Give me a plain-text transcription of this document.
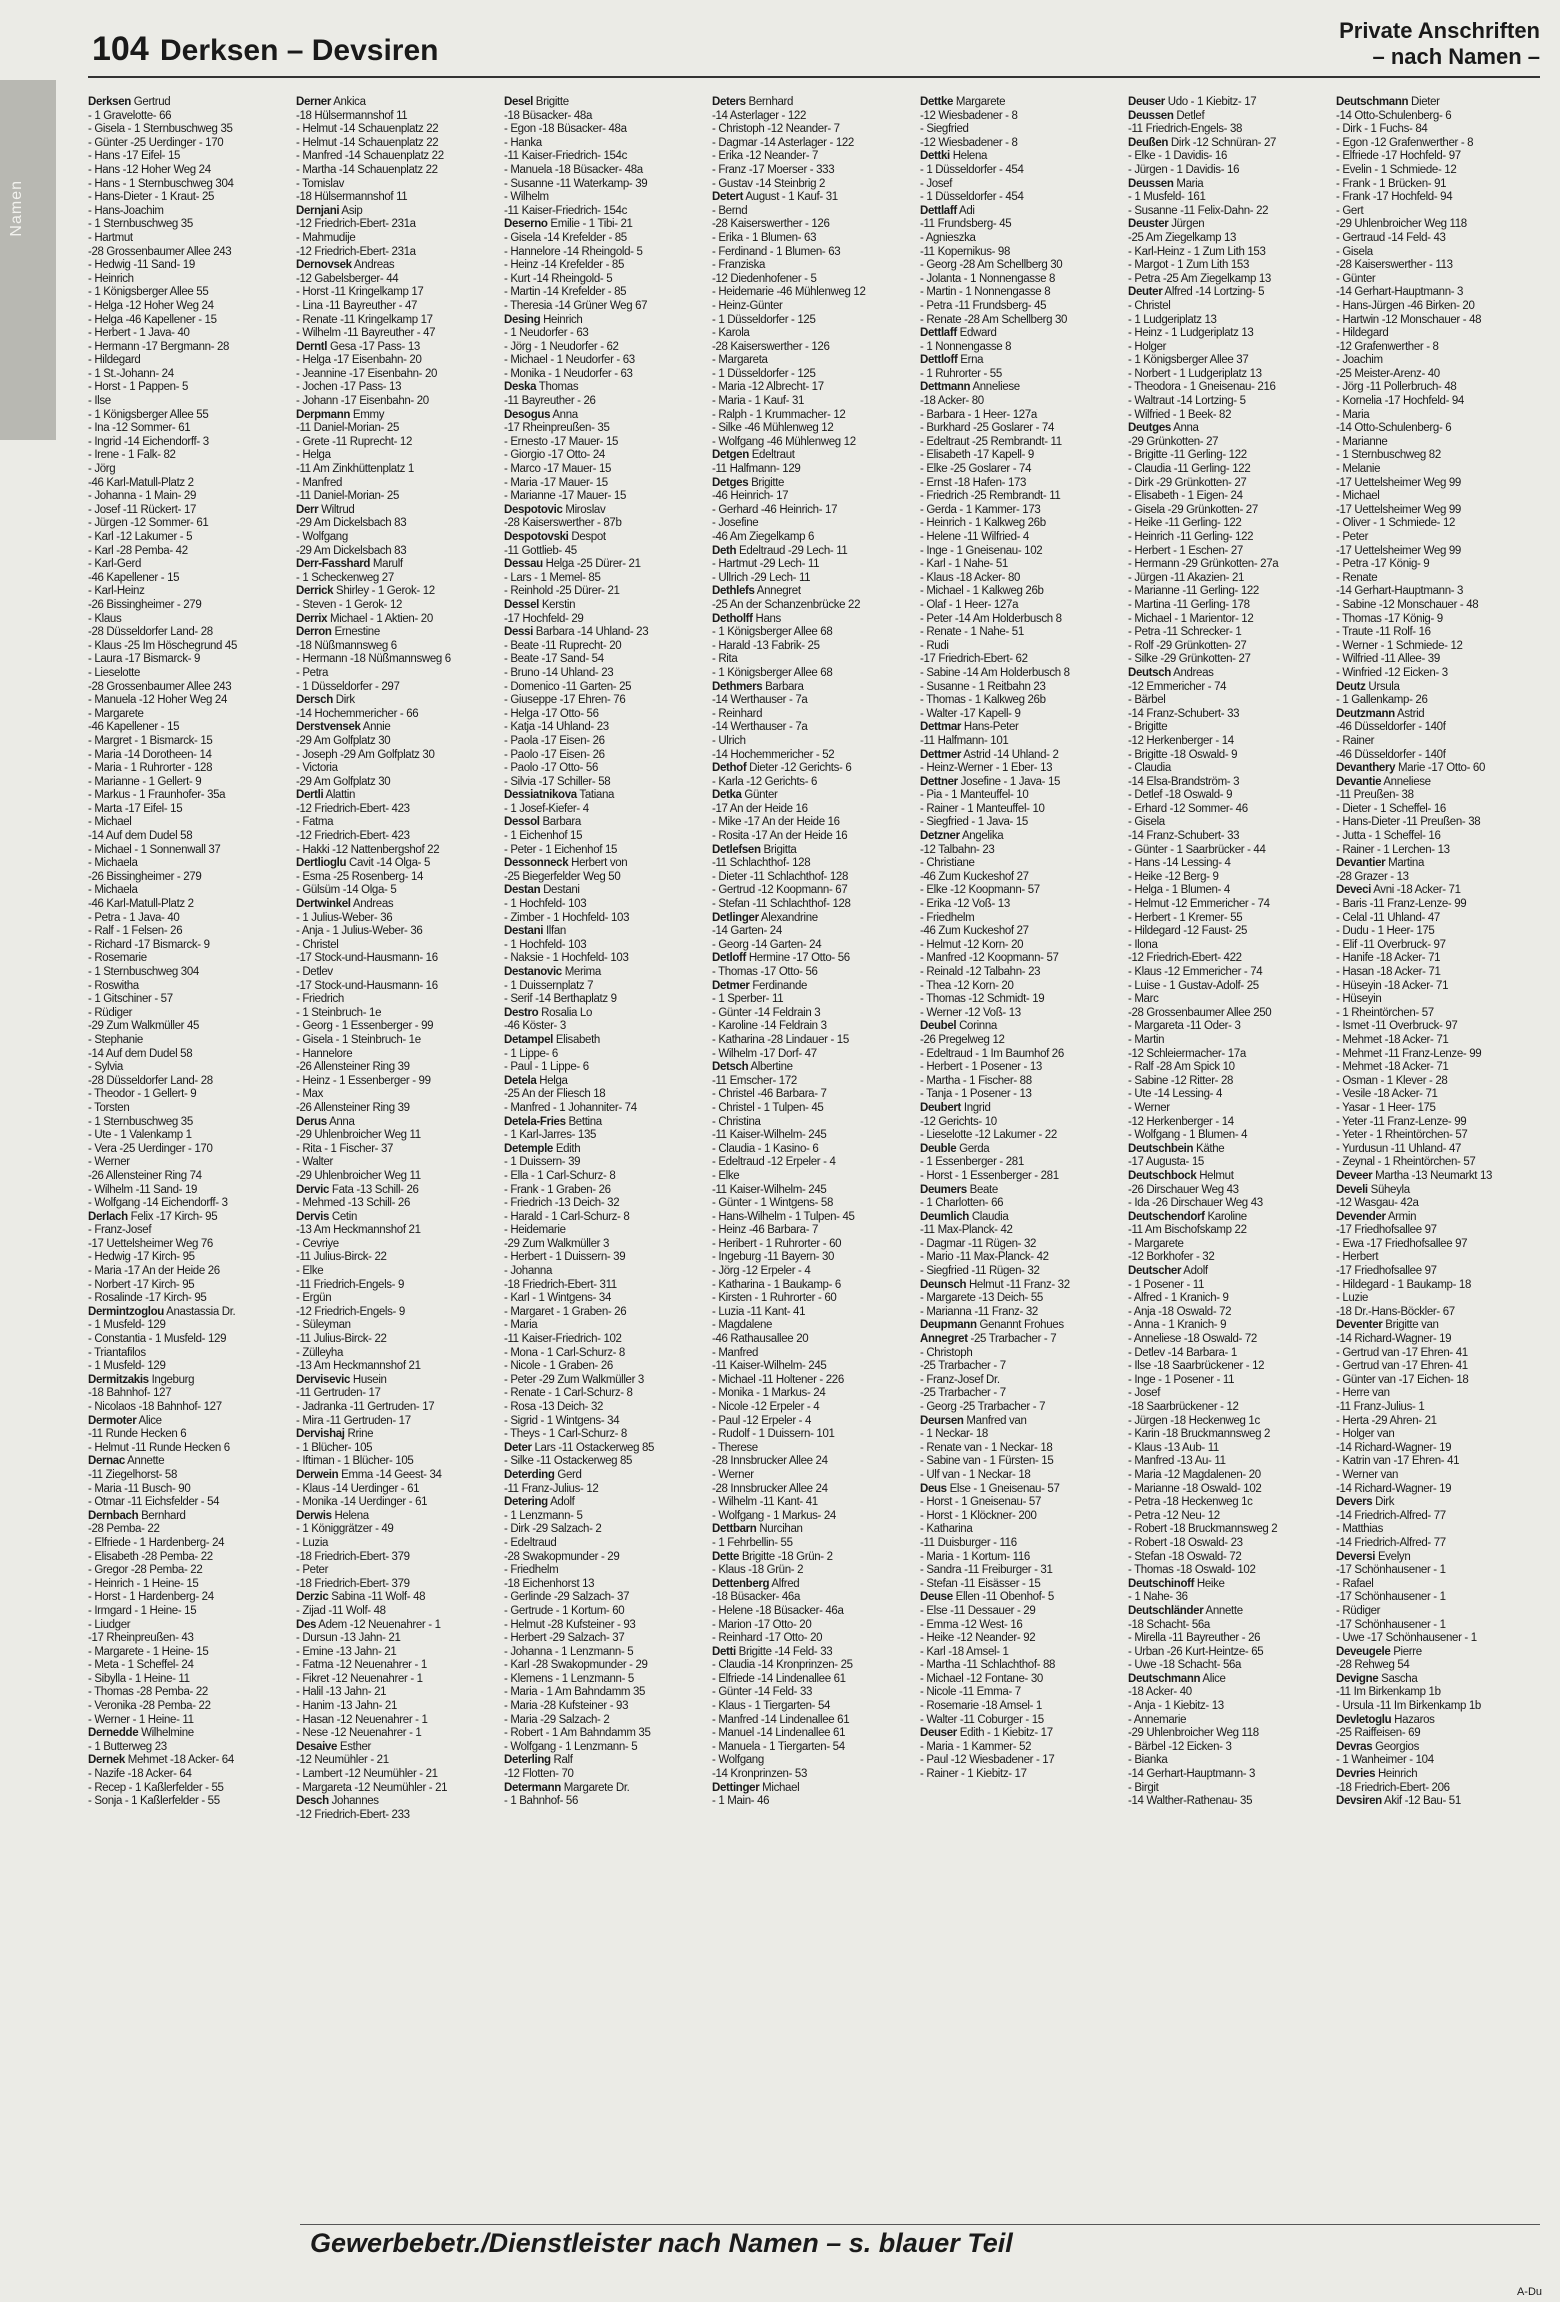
104 Derksen – Devsiren
Private Anschriften
– nach Namen –
Namen
Derksen Gertrud
- 1 Gravelotte- 66
- Gisela - 1 Sternbuschweg 35
- Günter -25 Uerdinger - 170
- Hans -17 Eifel- 15
- Hans -12 Hoher Weg 24
- Hans - 1 Sternbuschweg 304
- Hans-Dieter - 1 Kraut- 25
- Hans-Joachim
- 1 Sternbuschweg 35
- Hartmut
-28 Grossenbaumer Allee 243
- Hedwig -11 Sand- 19
- Heinrich
- 1 Königsberger Allee 55
- Helga -12 Hoher Weg 24
- Helga -46 Kapellener - 15
- Herbert - 1 Java- 40
- Hermann -17 Bergmann- 28
- Hildegard
- 1 St.-Johann- 24
- Horst - 1 Pappen- 5
- Ilse
- 1 Königsberger Allee 55
- Ina -12 Sommer- 61
- Ingrid -14 Eichendorff- 3
- Irene - 1 Falk- 82
- Jörg
-46 Karl-Matull-Platz 2
- Johanna - 1 Main- 29
- Josef -11 Rückert- 17
- Jürgen -12 Sommer- 61
- Karl -12 Lakumer - 5
- Karl -28 Pemba- 42
- Karl-Gerd
-46 Kapellener - 15
- Karl-Heinz
-26 Bissingheimer - 279
- Klaus
-28 Düsseldorfer Land- 28
- Klaus -25 Im Höschegrund 45
- Laura -17 Bismarck- 9
- Lieselotte
-28 Grossenbaumer Allee 243
- Manuela -12 Hoher Weg 24
- Margarete
-46 Kapellener - 15
- Margret - 1 Bismarck- 15
- Maria -14 Dorotheen- 14
- Maria - 1 Ruhrorter - 128
- Marianne - 1 Gellert- 9
- Markus - 1 Fraunhofer- 35a
- Marta -17 Eifel- 15
- Michael
-14 Auf dem Dudel 58
- Michael - 1 Sonnenwall 37
- Michaela
-26 Bissingheimer - 279
- Michaela
-46 Karl-Matull-Platz 2
- Petra - 1 Java- 40
- Ralf - 1 Felsen- 26
- Richard -17 Bismarck- 9
- Rosemarie
- 1 Sternbuschweg 304
- Roswitha
- 1 Gitschiner - 57
- Rüdiger
-29 Zum Walkmüller 45
- Stephanie
-14 Auf dem Dudel 58
- Sylvia
-28 Düsseldorfer Land- 28
- Theodor - 1 Gellert- 9
- Torsten
- 1 Sternbuschweg 35
- Ute - 1 Valenkamp 1
- Vera -25 Uerdinger - 170
- Werner
-26 Allensteiner Ring 74
- Wilhelm -11 Sand- 19
- Wolfgang -14 Eichendorff- 3
Derlach Felix -17 Kirch- 95
- Franz-Josef
-17 Uettelsheimer Weg 76
- Hedwig -17 Kirch- 95
- Maria -17 An der Heide 26
- Norbert -17 Kirch- 95
- Rosalinde -17 Kirch- 95
Dermintzoglou Anastassia Dr.
- 1 Musfeld- 129
- Constantia - 1 Musfeld- 129
- Triantafilos
- 1 Musfeld- 129
Dermitzakis Ingeburg
-18 Bahnhof- 127
- Nicolaos -18 Bahnhof- 127
Dermoter Alice
-11 Runde Hecken 6
- Helmut -11 Runde Hecken 6
Dernac Annette
-11 Ziegelhorst- 58
- Maria -11 Busch- 90
- Otmar -11 Eichsfelder - 54
Dernbach Bernhard
-28 Pemba- 22
- Elfriede - 1 Hardenberg- 24
- Elisabeth -28 Pemba- 22
- Gregor -28 Pemba- 22
- Heinrich - 1 Heine- 15
- Horst - 1 Hardenberg- 24
- Irmgard - 1 Heine- 15
- Liudger
-17 Rheinpreußen- 43
- Margarete - 1 Heine- 15
- Meta - 1 Scheffel- 24
- Sibylla - 1 Heine- 11
- Thomas -28 Pemba- 22
- Veronika -28 Pemba- 22
- Werner - 1 Heine- 11
Dernedde Wilhelmine
- 1 Butterweg 23
Dernek Mehmet -18 Acker- 64
- Nazife -18 Acker- 64
- Recep - 1 Kaßlerfelder - 55
- Sonja - 1 Kaßlerfelder - 55
Derner Ankica
-18 Hülsermannshof 11
- Helmut -14 Schauenplatz 22
- Helmut -14 Schauenplatz 22
- Manfred -14 Schauenplatz 22
- Martha -14 Schauenplatz 22
- Tomislav
-18 Hülsermannshof 11
Dernjani Asip
-12 Friedrich-Ebert- 231a
- Mahmudije
-12 Friedrich-Ebert- 231a
Dernovsek Andreas
-12 Gabelsberger- 44
- Horst -11 Kringelkamp 17
- Lina -11 Bayreuther - 47
- Renate -11 Kringelkamp 17
- Wilhelm -11 Bayreuther - 47
Derntl Gesa -17 Pass- 13
- Helga -17 Eisenbahn- 20
- Jeannine -17 Eisenbahn- 20
- Jochen -17 Pass- 13
- Johann -17 Eisenbahn- 20
Derpmann Emmy
-11 Daniel-Morian- 25
- Grete -11 Ruprecht- 12
- Helga
-11 Am Zinkhüttenplatz 1
- Manfred
-11 Daniel-Morian- 25
Derr Wiltrud
-29 Am Dickelsbach 83
- Wolfgang
-29 Am Dickelsbach 83
Derr-Fasshard Marulf
- 1 Scheckenweg 27
Derrick Shirley - 1 Gerok- 12
- Steven - 1 Gerok- 12
Derrix Michael - 1 Aktien- 20
Derron Ernestine
-18 Nüßmannsweg 6
- Hermann -18 Nüßmannsweg 6
- Petra
- 1 Düsseldorfer - 297
Dersch Dirk
-14 Hochemmericher - 66
Derstvensek Annie
-29 Am Golfplatz 30
- Joseph -29 Am Golfplatz 30
- Victoria
-29 Am Golfplatz 30
Dertli Alattin
-12 Friedrich-Ebert- 423
- Fatma
-12 Friedrich-Ebert- 423
- Hakki -12 Nattenbergshof 22
Dertlioglu Cavit -14 Olga- 5
- Esma -25 Rosenberg- 14
- Gülsüm -14 Olga- 5
Dertwinkel Andreas
- 1 Julius-Weber- 36
- Anja - 1 Julius-Weber- 36
- Christel
-17 Stock-und-Hausmann- 16
- Detlev
-17 Stock-und-Hausmann- 16
- Friedrich
- 1 Steinbruch- 1e
- Georg - 1 Essenberger - 99
- Gisela - 1 Steinbruch- 1e
- Hannelore
-26 Allensteiner Ring 39
- Heinz - 1 Essenberger - 99
- Max
-26 Allensteiner Ring 39
Derus Anna
-29 Uhlenbroicher Weg 11
- Rita - 1 Fischer- 37
- Walter
-29 Uhlenbroicher Weg 11
Dervic Fata -13 Schill- 26
- Mehmed -13 Schill- 26
Dervis Cetin
-13 Am Heckmannshof 21
- Cevriye
-11 Julius-Birck- 22
- Elke
-11 Friedrich-Engels- 9
- Ergün
-12 Friedrich-Engels- 9
- Süleyman
-11 Julius-Birck- 22
- Zülleyha
-13 Am Heckmannshof 21
Dervisevic Husein
-11 Gertruden- 17
- Jadranka -11 Gertruden- 17
- Mira -11 Gertruden- 17
Dervishaj Rrine
- 1 Blücher- 105
- Iftiman - 1 Blücher- 105
Derwein Emma -14 Geest- 34
- Klaus -14 Uerdinger - 61
- Monika -14 Uerdinger - 61
Derwis Helena
- 1 Königgrätzer - 49
- Luzia
-18 Friedrich-Ebert- 379
- Peter
-18 Friedrich-Ebert- 379
Derzic Sabina -11 Wolf- 48
- Zijad -11 Wolf- 48
Des Adem -12 Neuenahrer - 1
- Dursun -13 Jahn- 21
- Emine -13 Jahn- 21
- Fatma -12 Neuenahrer - 1
- Fikret -12 Neuenahrer - 1
- Halil -13 Jahn- 21
- Hanim -13 Jahn- 21
- Hasan -12 Neuenahrer - 1
- Nese -12 Neuenahrer - 1
Desaive Esther
-12 Neumühler - 21
- Lambert -12 Neumühler - 21
- Margareta -12 Neumühler - 21
Desch Johannes
-12 Friedrich-Ebert- 233
Desel Brigitte
-18 Büsacker- 48a
- Egon -18 Büsacker- 48a
- Hanka
-11 Kaiser-Friedrich- 154c
- Manuela -18 Büsacker- 48a
- Susanne -11 Waterkamp- 39
- Wilhelm
-11 Kaiser-Friedrich- 154c
Deserno Emilie - 1 Tibi- 21
- Gisela -14 Krefelder - 85
- Hannelore -14 Rheingold- 5
- Heinz -14 Krefelder - 85
- Kurt -14 Rheingold- 5
- Martin -14 Krefelder - 85
- Theresia -14 Grüner Weg 67
Desing Heinrich
- 1 Neudorfer - 63
- Jörg - 1 Neudorfer - 62
- Michael - 1 Neudorfer - 63
- Monika - 1 Neudorfer - 63
Deska Thomas
-11 Bayreuther - 26
Desogus Anna
-17 Rheinpreußen- 35
- Ernesto -17 Mauer- 15
- Giorgio -17 Otto- 24
- Marco -17 Mauer- 15
- Maria -17 Mauer- 15
- Marianne -17 Mauer- 15
Despotovic Miroslav
-28 Kaiserswerther - 87b
Despotovski Despot
-11 Gottlieb- 45
Dessau Helga -25 Dürer- 21
- Lars - 1 Memel- 85
- Reinhold -25 Dürer- 21
Dessel Kerstin
-17 Hochfeld- 29
Dessi Barbara -14 Uhland- 23
- Beate -11 Ruprecht- 20
- Beate -17 Sand- 54
- Bruno -14 Uhland- 23
- Domenico -11 Garten- 25
- Giuseppe -17 Ehren- 76
- Helga -17 Otto- 56
- Katja -14 Uhland- 23
- Paola -17 Eisen- 26
- Paolo -17 Eisen- 26
- Paolo -17 Otto- 56
- Silvia -17 Schiller- 58
Dessiatnikova Tatiana
- 1 Josef-Kiefer- 4
Dessol Barbara
- 1 Eichenhof 15
- Peter - 1 Eichenhof 15
Dessonneck Herbert von
-25 Biegerfelder Weg 50
Destan Destani
- 1 Hochfeld- 103
- Zimber - 1 Hochfeld- 103
Destani Ilfan
- 1 Hochfeld- 103
- Naksie - 1 Hochfeld- 103
Destanovic Merima
- 1 Duissernplatz 7
- Serif -14 Berthaplatz 9
Destro Rosalia Lo
-46 Köster- 3
Detampel Elisabeth
- 1 Lippe- 6
- Paul - 1 Lippe- 6
Detela Helga
-25 An der Fliesch 18
- Manfred - 1 Johanniter- 74
Detela-Fries Bettina
- 1 Karl-Jarres- 135
Detemple Edith
- 1 Duissern- 39
- Ella - 1 Carl-Schurz- 8
- Frank - 1 Graben- 26
- Friedrich -13 Deich- 32
- Harald - 1 Carl-Schurz- 8
- Heidemarie
-29 Zum Walkmüller 3
- Herbert - 1 Duissern- 39
- Johanna
-18 Friedrich-Ebert- 311
- Karl - 1 Wintgens- 34
- Margaret - 1 Graben- 26
- Maria
-11 Kaiser-Friedrich- 102
- Mona - 1 Carl-Schurz- 8
- Nicole - 1 Graben- 26
- Peter -29 Zum Walkmüller 3
- Renate - 1 Carl-Schurz- 8
- Rosa -13 Deich- 32
- Sigrid - 1 Wintgens- 34
- Theys - 1 Carl-Schurz- 8
Deter Lars -11 Ostackerweg 85
- Silke -11 Ostackerweg 85
Deterding Gerd
-11 Franz-Julius- 12
Detering Adolf
- 1 Lenzmann- 5
- Dirk -29 Salzach- 2
- Edeltraud
-28 Swakopmunder - 29
- Friedhelm
-18 Eichenhorst 13
- Gerlinde -29 Salzach- 37
- Gertrude - 1 Kortum- 60
- Helmut -28 Kufsteiner - 93
- Herbert -29 Salzach- 37
- Johanna - 1 Lenzmann- 5
- Karl -28 Swakopmunder - 29
- Klemens - 1 Lenzmann- 5
- Maria - 1 Am Bahndamm 35
- Maria -28 Kufsteiner - 93
- Maria -29 Salzach- 2
- Robert - 1 Am Bahndamm 35
- Wolfgang - 1 Lenzmann- 5
Deterling Ralf
-12 Flotten- 70
Determann Margarete Dr.
- 1 Bahnhof- 56
Deters Bernhard
-14 Asterlager - 122
- Christoph -12 Neander- 7
- Dagmar -14 Asterlager - 122
- Erika -12 Neander- 7
- Franz -17 Moerser - 333
- Gustav -14 Steinbrig 2
Detert August - 1 Kauf- 31
- Bernd
-28 Kaiserswerther - 126
- Erika - 1 Blumen- 63
- Ferdinand - 1 Blumen- 63
- Franziska
-12 Diedenhofener - 5
- Heidemarie -46 Mühlenweg 12
- Heinz-Günter
- 1 Düsseldorfer - 125
- Karola
-28 Kaiserswerther - 126
- Margareta
- 1 Düsseldorfer - 125
- Maria -12 Albrecht- 17
- Maria - 1 Kauf- 31
- Ralph - 1 Krummacher- 12
- Silke -46 Mühlenweg 12
- Wolfgang -46 Mühlenweg 12
Detgen Edeltraut
-11 Halfmann- 129
Detges Brigitte
-46 Heinrich- 17
- Gerhard -46 Heinrich- 17
- Josefine
-46 Am Ziegelkamp 6
Deth Edeltraud -29 Lech- 11
- Hartmut -29 Lech- 11
- Ullrich -29 Lech- 11
Dethlefs Annegret
-25 An der Schanzenbrücke 22
Detholff Hans
- 1 Königsberger Allee 68
- Harald -13 Fabrik- 25
- Rita
- 1 Königsberger Allee 68
Dethmers Barbara
-14 Werthauser - 7a
- Reinhard
-14 Werthauser - 7a
- Ulrich
-14 Hochemmericher - 52
Dethof Dieter -12 Gerichts- 6
- Karla -12 Gerichts- 6
Detka Günter
-17 An der Heide 16
- Mike -17 An der Heide 16
- Rosita -17 An der Heide 16
Detlefsen Brigitta
-11 Schlachthof- 128
- Dieter -11 Schlachthof- 128
- Gertrud -12 Koopmann- 67
- Stefan -11 Schlachthof- 128
Detlinger Alexandrine
-14 Garten- 24
- Georg -14 Garten- 24
Detloff Hermine -17 Otto- 56
- Thomas -17 Otto- 56
Detmer Ferdinande
- 1 Sperber- 11
- Günter -14 Feldrain 3
- Karoline -14 Feldrain 3
- Katharina -28 Lindauer - 15
- Wilhelm -17 Dorf- 47
Detsch Albertine
-11 Emscher- 172
- Christel -46 Barbara- 7
- Christel - 1 Tulpen- 45
- Christina
-11 Kaiser-Wilhelm- 245
- Claudia - 1 Kasino- 6
- Edeltraud -12 Erpeler - 4
- Elke
-11 Kaiser-Wilhelm- 245
- Günter - 1 Wintgens- 58
- Hans-Wilhelm - 1 Tulpen- 45
- Heinz -46 Barbara- 7
- Heribert - 1 Ruhrorter - 60
- Ingeburg -11 Bayern- 30
- Jörg -12 Erpeler - 4
- Katharina - 1 Baukamp- 6
- Kirsten - 1 Ruhrorter - 60
- Luzia -11 Kant- 41
- Magdalene
-46 Rathausallee 20
- Manfred
-11 Kaiser-Wilhelm- 245
- Michael -11 Holtener - 226
- Monika - 1 Markus- 24
- Nicole -12 Erpeler - 4
- Paul -12 Erpeler - 4
- Rudolf - 1 Duissern- 101
- Therese
-28 Innsbrucker Allee 24
- Werner
-28 Innsbrucker Allee 24
- Wilhelm -11 Kant- 41
- Wolfgang - 1 Markus- 24
Dettbarn Nurcihan
- 1 Fehrbellin- 55
Dette Brigitte -18 Grün- 2
- Klaus -18 Grün- 2
Dettenberg Alfred
-18 Büsacker- 46a
- Helene -18 Büsacker- 46a
- Marion -17 Otto- 20
- Reinhard -17 Otto- 20
Detti Brigitte -14 Feld- 33
- Claudia -14 Kronprinzen- 25
- Elfriede -14 Lindenallee 61
- Günter -14 Feld- 33
- Klaus - 1 Tiergarten- 54
- Manfred -14 Lindenallee 61
- Manuel -14 Lindenallee 61
- Manuela - 1 Tiergarten- 54
- Wolfgang
-14 Kronprinzen- 53
Dettinger Michael
- 1 Main- 46
Dettke Margarete
-12 Wiesbadener - 8
- Siegfried
-12 Wiesbadener - 8
Dettki Helena
- 1 Düsseldorfer - 454
- Josef
- 1 Düsseldorfer - 454
Dettlaff Adi
-11 Frundsberg- 45
- Agnieszka
-11 Kopernikus- 98
- Georg -28 Am Schellberg 30
- Jolanta - 1 Nonnengasse 8
- Martin - 1 Nonnengasse 8
- Petra -11 Frundsberg- 45
- Renate -28 Am Schellberg 30
Dettlaff Edward
- 1 Nonnengasse 8
Dettloff Erna
- 1 Ruhrorter - 55
Dettmann Anneliese
-18 Acker- 80
- Barbara - 1 Heer- 127a
- Burkhard -25 Goslarer - 74
- Edeltraut -25 Rembrandt- 11
- Elisabeth -17 Kapell- 9
- Elke -25 Goslarer - 74
- Ernst -18 Hafen- 173
- Friedrich -25 Rembrandt- 11
- Gerda - 1 Kammer- 173
- Heinrich - 1 Kalkweg 26b
- Helene -11 Wilfried- 4
- Inge - 1 Gneisenau- 102
- Karl - 1 Nahe- 51
- Klaus -18 Acker- 80
- Michael - 1 Kalkweg 26b
- Olaf - 1 Heer- 127a
- Peter -14 Am Holderbusch 8
- Renate - 1 Nahe- 51
- Rudi
-17 Friedrich-Ebert- 62
- Sabine -14 Am Holderbusch 8
- Susanne - 1 Reitbahn 23
- Thomas - 1 Kalkweg 26b
- Walter -17 Kapell- 9
Dettmar Hans-Peter
-11 Halfmann- 101
Dettmer Astrid -14 Uhland- 2
- Heinz-Werner - 1 Eber- 13
Dettner Josefine - 1 Java- 15
- Pia - 1 Manteuffel- 10
- Rainer - 1 Manteuffel- 10
- Siegfried - 1 Java- 15
Detzner Angelika
-12 Talbahn- 23
- Christiane
-46 Zum Kuckeshof 27
- Elke -12 Koopmann- 57
- Erika -12 Voß- 13
- Friedhelm
-46 Zum Kuckeshof 27
- Helmut -12 Korn- 20
- Manfred -12 Koopmann- 57
- Reinald -12 Talbahn- 23
- Thea -12 Korn- 20
- Thomas -12 Schmidt- 19
- Werner -12 Voß- 13
Deubel Corinna
-26 Pregelweg 12
- Edeltraud - 1 Im Baumhof 26
- Herbert - 1 Posener - 13
- Martha - 1 Fischer- 88
- Tanja - 1 Posener - 13
Deubert Ingrid
-12 Gerichts- 10
- Lieselotte -12 Lakumer - 22
Deuble Gerda
- 1 Essenberger - 281
- Horst - 1 Essenberger - 281
Deumers Beate
- 1 Charlotten- 66
Deumlich Claudia
-11 Max-Planck- 42
- Dagmar -11 Rügen- 32
- Mario -11 Max-Planck- 42
- Siegfried -11 Rügen- 32
Deunsch Helmut -11 Franz- 32
- Margarete -13 Deich- 55
- Marianna -11 Franz- 32
Deupmann Genannt Frohues
Annegret -25 Trarbacher - 7
- Christoph
-25 Trarbacher - 7
- Franz-Josef Dr.
-25 Trarbacher - 7
- Georg -25 Trarbacher - 7
Deursen Manfred van
- 1 Neckar- 18
- Renate van - 1 Neckar- 18
- Sabine van - 1 Fürsten- 15
- Ulf van - 1 Neckar- 18
Deus Else - 1 Gneisenau- 57
- Horst - 1 Gneisenau- 57
- Horst - 1 Klöckner- 200
- Katharina
-11 Duisburger - 116
- Maria - 1 Kortum- 116
- Sandra -11 Freiburger - 31
- Stefan -11 Eisässer - 15
Deuse Ellen -11 Obenhof- 5
- Else -11 Dessauer - 29
- Emma -12 West- 16
- Heike -12 Neander- 92
- Karl -18 Amsel- 1
- Martha -11 Schlachthof- 88
- Michael -12 Fontane- 30
- Nicole -11 Emma- 7
- Rosemarie -18 Amsel- 1
- Walter -11 Coburger - 15
Deuser Edith - 1 Kiebitz- 17
- Maria - 1 Kammer- 52
- Paul -12 Wiesbadener - 17
- Rainer - 1 Kiebitz- 17
Deuser Udo - 1 Kiebitz- 17
Deussen Detlef
-11 Friedrich-Engels- 38
Deußen Dirk -12 Schnüran- 27
- Elke - 1 Davidis- 16
- Jürgen - 1 Davidis- 16
Deussen Maria
- 1 Musfeld- 161
- Susanne -11 Felix-Dahn- 22
Deuster Jürgen
-25 Am Ziegelkamp 13
- Karl-Heinz - 1 Zum Lith 153
- Margot - 1 Zum Lith 153
- Petra -25 Am Ziegelkamp 13
Deuter Alfred -14 Lortzing- 5
- Christel
- 1 Ludgeriplatz 13
- Heinz - 1 Ludgeriplatz 13
- Holger
- 1 Königsberger Allee 37
- Norbert - 1 Ludgeriplatz 13
- Theodora - 1 Gneisenau- 216
- Waltraut -14 Lortzing- 5
- Wilfried - 1 Beek- 82
Deutges Anna
-29 Grünkotten- 27
- Brigitte -11 Gerling- 122
- Claudia -11 Gerling- 122
- Dirk -29 Grünkotten- 27
- Elisabeth - 1 Eigen- 24
- Gisela -29 Grünkotten- 27
- Heike -11 Gerling- 122
- Heinrich -11 Gerling- 122
- Herbert - 1 Eschen- 27
- Hermann -29 Grünkotten- 27a
- Jürgen -11 Akazien- 21
- Marianne -11 Gerling- 122
- Martina -11 Gerling- 178
- Michael - 1 Marientor- 12
- Petra -11 Schrecker- 1
- Rolf -29 Grünkotten- 27
- Silke -29 Grünkotten- 27
Deutsch Andreas
-12 Emmericher - 74
- Bärbel
-14 Franz-Schubert- 33
- Brigitte
-12 Herkenberger - 14
- Brigitte -18 Oswald- 9
- Claudia
-14 Elsa-Brandström- 3
- Detlef -18 Oswald- 9
- Erhard -12 Sommer- 46
- Gisela
-14 Franz-Schubert- 33
- Günter - 1 Saarbrücker - 44
- Hans -14 Lessing- 4
- Heike -12 Berg- 9
- Helga - 1 Blumen- 4
- Helmut -12 Emmericher - 74
- Herbert - 1 Kremer- 55
- Hildegard -12 Faust- 25
- Ilona
-12 Friedrich-Ebert- 422
- Klaus -12 Emmericher - 74
- Luise - 1 Gustav-Adolf- 25
- Marc
-28 Grossenbaumer Allee 250
- Margareta -11 Oder- 3
- Martin
-12 Schleiermacher- 17a
- Ralf -28 Am Spick 10
- Sabine -12 Ritter- 28
- Ute -14 Lessing- 4
- Werner
-12 Herkenberger - 14
- Wolfgang - 1 Blumen- 4
Deutschbein Käthe
-17 Augusta- 15
Deutschbock Helmut
-26 Dirschauer Weg 43
- Ida -26 Dirschauer Weg 43
Deutschendorf Karoline
-11 Am Bischofskamp 22
- Margarete
-12 Borkhofer - 32
Deutscher Adolf
- 1 Posener - 11
- Alfred - 1 Kranich- 9
- Anja -18 Oswald- 72
- Anna - 1 Kranich- 9
- Anneliese -18 Oswald- 72
- Detlev -14 Barbara- 1
- Ilse -18 Saarbrückener - 12
- Inge - 1 Posener - 11
- Josef
-18 Saarbrückener - 12
- Jürgen -18 Heckenweg 1c
- Karin -18 Bruckmannsweg 2
- Klaus -13 Aub- 11
- Manfred -13 Au- 11
- Maria -12 Magdalenen- 20
- Marianne -18 Oswald- 102
- Petra -18 Heckenweg 1c
- Petra -12 Neu- 12
- Robert -18 Bruckmannsweg 2
- Robert -18 Oswald- 23
- Stefan -18 Oswald- 72
- Thomas -18 Oswald- 102
Deutschinoff Heike
- 1 Nahe- 36
Deutschländer Annette
-18 Schacht- 56a
- Mirella -11 Bayreuther - 26
- Urban -26 Kurt-Heintze- 65
- Uwe -18 Schacht- 56a
Deutschmann Alice
-18 Acker- 40
- Anja - 1 Kiebitz- 13
- Annemarie
-29 Uhlenbroicher Weg 118
- Bärbel -12 Eicken- 3
- Bianka
-14 Gerhart-Hauptmann- 3
- Birgit
-14 Walther-Rathenau- 35
Deutschmann Dieter
-14 Otto-Schulenberg- 6
- Dirk - 1 Fuchs- 84
- Egon -12 Grafenwerther - 8
- Elfriede -17 Hochfeld- 97
- Evelin - 1 Schmiede- 12
- Frank - 1 Brücken- 91
- Frank -17 Hochfeld- 94
- Gert
-29 Uhlenbroicher Weg 118
- Gertraud -14 Feld- 43
- Gisela
-28 Kaiserswerther - 113
- Günter
-14 Gerhart-Hauptmann- 3
- Hans-Jürgen -46 Birken- 20
- Hartwin -12 Monschauer - 48
- Hildegard
-12 Grafenwerther - 8
- Joachim
-25 Meister-Arenz- 40
- Jörg -11 Pollerbruch- 48
- Kornelia -17 Hochfeld- 94
- Maria
-14 Otto-Schulenberg- 6
- Marianne
- 1 Sternbuschweg 82
- Melanie
-17 Uettelsheimer Weg 99
- Michael
-17 Uettelsheimer Weg 99
- Oliver - 1 Schmiede- 12
- Peter
-17 Uettelsheimer Weg 99
- Petra -17 König- 9
- Renate
-14 Gerhart-Hauptmann- 3
- Sabine -12 Monschauer - 48
- Thomas -17 König- 9
- Traute -11 Rolf- 16
- Werner - 1 Schmiede- 12
- Wilfried -11 Allee- 39
- Winfried -12 Eicken- 3
Deutz Ursula
- 1 Gallenkamp- 26
Deutzmann Astrid
-46 Düsseldorfer - 140f
- Rainer
-46 Düsseldorfer - 140f
Devanthery Marie -17 Otto- 60
Devantie Anneliese
-11 Preußen- 38
- Dieter - 1 Scheffel- 16
- Hans-Dieter -11 Preußen- 38
- Jutta - 1 Scheffel- 16
- Rainer - 1 Lerchen- 13
Devantier Martina
-28 Grazer - 13
Deveci Avni -18 Acker- 71
- Baris -11 Franz-Lenze- 99
- Celal -11 Uhland- 47
- Dudu - 1 Heer- 175
- Elif -11 Overbruck- 97
- Hanife -18 Acker- 71
- Hasan -18 Acker- 71
- Hüseyin -18 Acker- 71
- Hüseyin
- 1 Rheintörchen- 57
- Ismet -11 Overbruck- 97
- Mehmet -18 Acker- 71
- Mehmet -11 Franz-Lenze- 99
- Mehmet -18 Acker- 71
- Osman - 1 Klever - 28
- Vesile -18 Acker- 71
- Yasar - 1 Heer- 175
- Yeter -11 Franz-Lenze- 99
- Yeter - 1 Rheintörchen- 57
- Yurdusun -11 Uhland- 47
- Zeynal - 1 Rheintörchen- 57
Deveer Martha -13 Neumarkt 13
Develi Süheyla
-12 Wasgau- 42a
Devender Armin
-17 Friedhofsallee 97
- Ewa -17 Friedhofsallee 97
- Herbert
-17 Friedhofsallee 97
- Hildegard - 1 Baukamp- 18
- Luzie
-18 Dr.-Hans-Böckler- 67
Deventer Brigitte van
-14 Richard-Wagner- 19
- Gertrud van -17 Ehren- 41
- Gertrud van -17 Ehren- 41
- Günter van -17 Eichen- 18
- Herre van
-11 Franz-Julius- 1
- Herta -29 Ahren- 21
- Holger van
-14 Richard-Wagner- 19
- Katrin van -17 Ehren- 41
- Werner van
-14 Richard-Wagner- 19
Devers Dirk
-14 Friedrich-Alfred- 77
- Matthias
-14 Friedrich-Alfred- 77
Deversi Evelyn
-17 Schönhausener - 1
- Rafael
-17 Schönhausener - 1
- Rüdiger
-17 Schönhausener - 1
- Uwe -17 Schönhausener - 1
Deveugele Pierre
-28 Rehweg 54
Devigne Sascha
-11 Im Birkenkamp 1b
- Ursula -11 Im Birkenkamp 1b
Devletoglu Hazaros
-25 Raiffeisen- 69
Devras Georgios
- 1 Wanheimer - 104
Devries Heinrich
-18 Friedrich-Ebert- 206
Devsiren Akif -12 Bau- 51
Gewerbebetr./Dienstleister nach Namen – s. blauer Teil
A-Du
